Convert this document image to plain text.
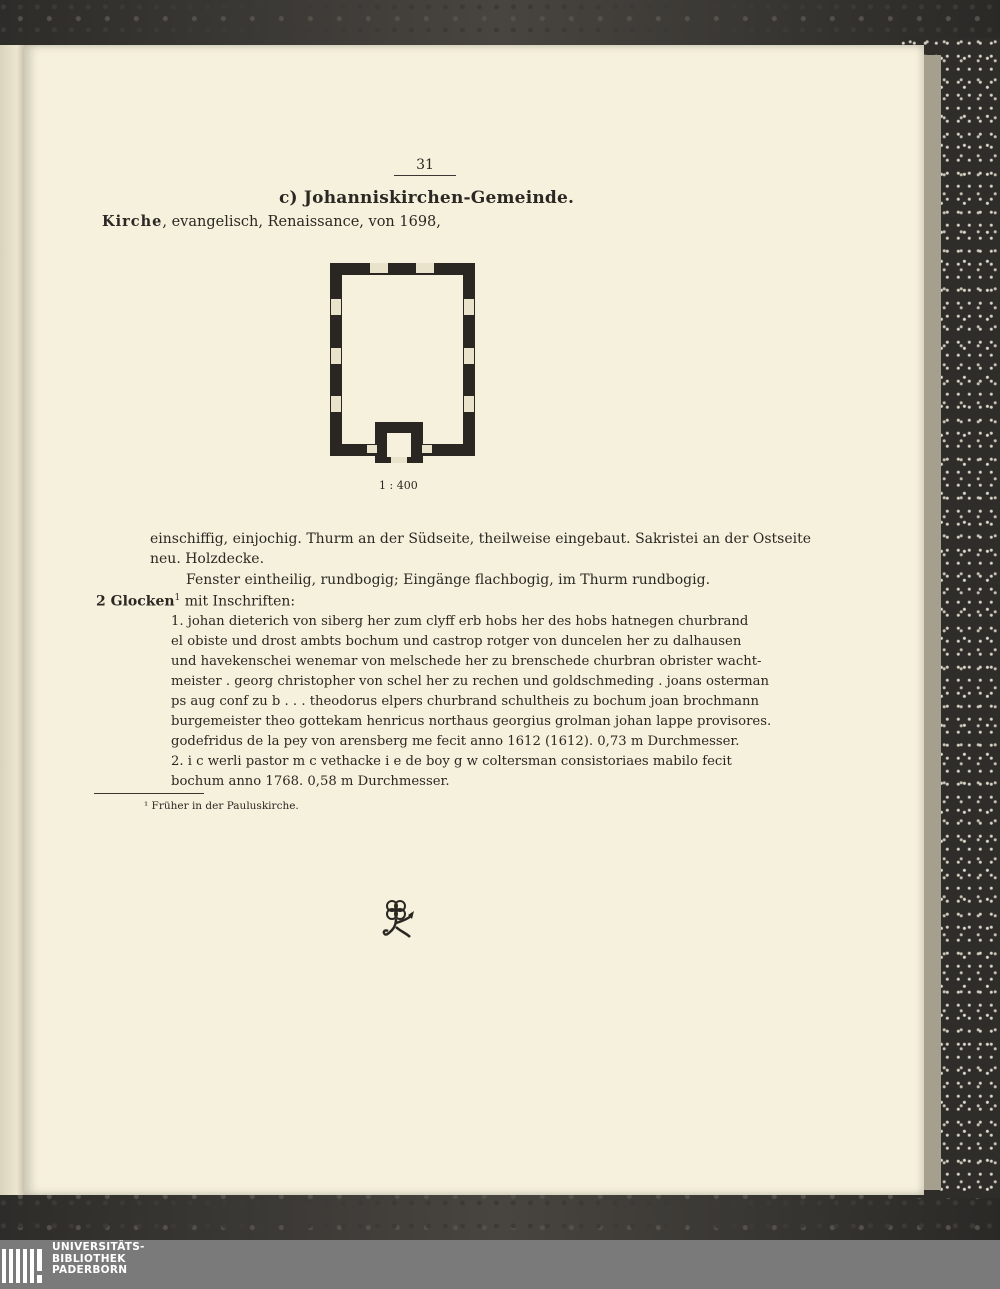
31
c) Johanniskirchen-Gemeinde.
Kirche, evangelisch, Renaissance, von 1698,
1 : 400
einschiffig, einjochig. Thurm an der Südseite, theilweise eingebaut. Sakristei an der Ostseite
neu. Holzdecke.
Fenster eintheilig, rundbogig; Eingänge flachbogig, im Thurm rundbogig.
2 Glocken$^1$ mit Inschriften:
1. johan dieterich von siberg her zum clyff erb hobs her des hobs hatnegen churbrand
el obiste und drost ambts bochum und castrop rotger von duncelen her zu dalhausen
und havekenschei wenemar von melschede her zu brenschede churbran obrister wacht-
meister . georg christopher von schel her zu rechen und goldschmeding . joans osterman
ps aug conf zu b . . . theodorus elpers churbrand schultheis zu bochum joan brochmann
burgemeister theo gottekam henricus northaus georgius grolman johan lappe provisores.
godefridus de la pey von arensberg me fecit anno 1612 (1612). 0,73 m Durchmesser.
2. i c werli pastor m c vethacke i e de boy g w coltersman consistoriaes mabilo fecit
bochum anno 1768. 0,58 m Durchmesser.
¹ Früher in der Pauluskirche.
UNIVERSITÄTS-
BIBLIOTHEK
PADERBORN
